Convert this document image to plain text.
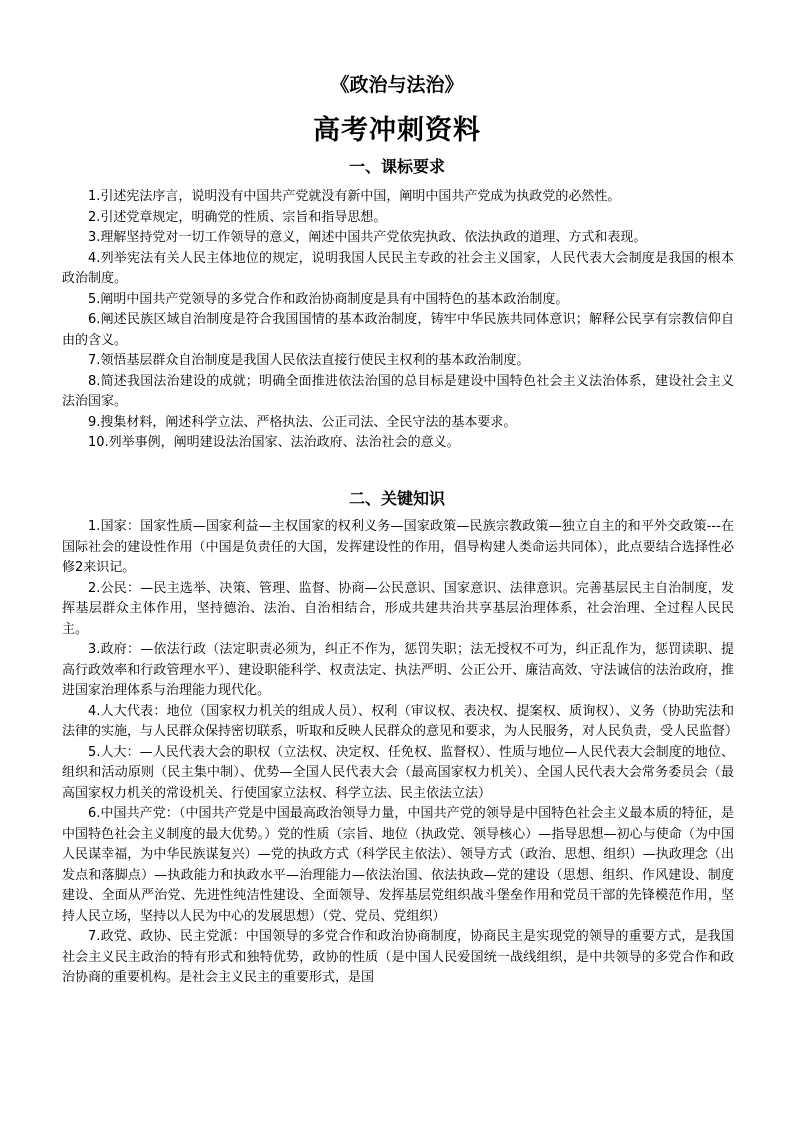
《政治与法治》
高考冲刺资料
一、课标要求

1.引述宪法序言，说明没有中国共产党就没有新中国，阐明中国共产党成为执政党的必然性。

2.引述党章规定，明确党的性质、宗旨和指导思想。

3.理解坚持党对一切工作领导的意义，阐述中国共产党依宪执政、依法执政的道理、方式和表现。

4.列举宪法有关人民主体地位的规定，说明我国人民民主专政的社会主义国家，人民代表大会制度是我国的根本政治制度。

5.阐明中国共产党领导的多党合作和政治协商制度是具有中国特色的基本政治制度。

6.阐述民族区域自治制度是符合我国国情的基本政治制度，铸牢中华民族共同体意识；解释公民享有宗教信仰自由的含义。

7.领悟基层群众自治制度是我国人民依法直接行使民主权利的基本政治制度。

8.简述我国法治建设的成就；明确全面推进依法治国的总目标是建设中国特色社会主义法治体系，建设社会主义法治国家。

9.搜集材料，阐述科学立法、严格执法、公正司法、全民守法的基本要求。

10.列举事例，阐明建设法治国家、法治政府、法治社会的意义。

二、关键知识

1.国家：国家性质—国家利益—主权国家的权利义务—国家政策—民族宗教政策—独立自主的和平外交政策---在国际社会的建设性作用（中国是负责任的大国，发挥建设性的作用，倡导构建人类命运共同体），此点要结合选择性必修2来识记。

2.公民：—民主选举、决策、管理、监督、协商—公民意识、国家意识、法律意识。完善基层民主自治制度，发挥基层群众主体作用，坚持德治、法治、自治相结合，形成共建共治共享基层治理体系，社会治理、全过程人民民主。

3.政府：—依法行政（法定职责必须为，纠正不作为，惩罚失职；法无授权不可为，纠正乱作为，惩罚读职、提高行政效率和行政管理水平）、建设职能科学、权责法定、执法严明、公正公开、廉洁高效、守法诚信的法治政府，推进国家治理体系与治理能力现代化。

4.人大代表：地位（国家权力机关的组成人员）、权利（审议权、表决权、提案权、质询权）、义务（协助宪法和法律的实施，与人民群众保持密切联系，听取和反映人民群众的意见和要求，为人民服务，对人民负责，受人民监督）

5.人大：—人民代表大会的职权（立法权、决定权、任免权、监督权）、性质与地位—人民代表大会制度的地位、组织和活动原则（民主集中制）、优势—全国人民代表大会（最高国家权力机关）、全国人民代表大会常务委员会（最高国家权力机关的常设机关、行使国家立法权、科学立法、民主依法立法）

6.中国共产党：（中国共产党是中国最高政治领导力量，中国共产党的领导是中国特色社会主义最本质的特征，是中国特色社会主义制度的最大优势。）党的性质（宗旨、地位（执政党、领导核心）—指导思想—初心与使命（为中国人民谋幸福，为中华民族谋复兴）—党的执政方式（科学民主依法）、领导方式（政治、思想、组织）—执政理念（出发点和落脚点）—执政能力和执政水平—治理能力—依法治国、依法执政—党的建设（思想、组织、作风建设、制度建设、全面从严治党、先进性纯洁性建设、全面领导、发挥基层党组织战斗堡垒作用和党员干部的先锋模范作用，坚持人民立场，坚持以人民为中心的发展思想）（党、党员、党组织）

7.政党、政协、民主党派：中国领导的多党合作和政治协商制度，协商民主是实现党的领导的重要方式，是我国社会主义民主政治的特有形式和独特优势，政协的性质（是中国人民爱国统一战线组织，是中共领导的多党合作和政治协商的重要机构。是社会主义民主的重要形式，是国
